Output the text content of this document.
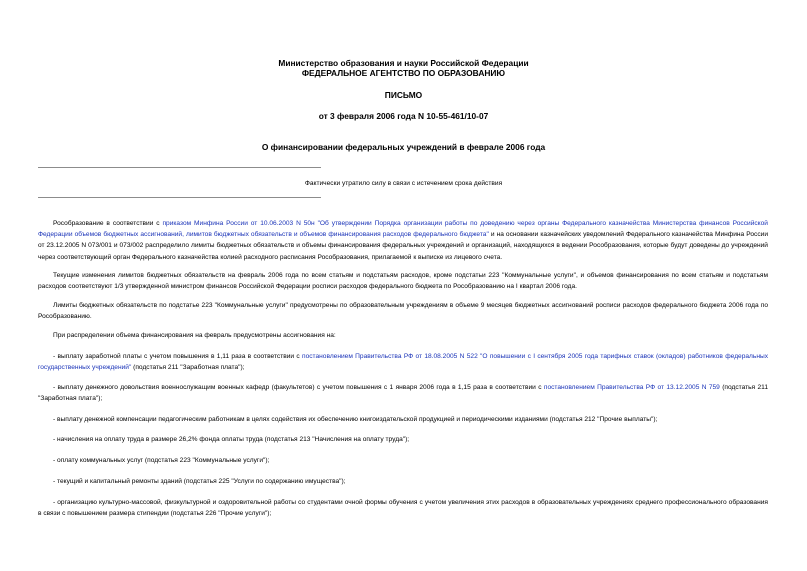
Министерство образования и науки Российской Федерации
ФЕДЕРАЛЬНОЕ АГЕНТСТВО ПО ОБРАЗОВАНИЮ
ПИСЬМО
от 3 февраля 2006 года N 10-55-461/10-07
О финансировании федеральных учреждений в феврале 2006 года
Фактически утратило силу в связи с истечением срока действия

Рособразование в соответствии с приказом Минфина России от 10.06.2003 N 50н "Об утверждении Порядка организации работы по доведению через органы Федерального казначейства Министерства финансов Российской Федерации объемов бюджетных ассигнований, лимитов бюджетных обязательств и объемов финансирования расходов федерального бюджета" и на основании казначейских уведомлений Федерального казначейства Минфина России от 23.12.2005 N 073/001 и 073/002 распределило лимиты бюджетных обязательств и объемы финансирования федеральных учреждений и организаций, находящихся в ведении Рособразования, которые будут доведены до учреждений через соответствующий орган Федерального казначейства колией расходного расписания Рособразования, прилагаемой к выписке из лицевого счета.

Текущие изменения лимитов бюджетных обязательств на февраль 2006 года по всем статьям и подстатьям расходов, кроме подстатьи 223 "Коммунальные услуги", и объемов финансирования по всем статьям и подстатьям расходов соответствуют 1/3 утвержденной министром финансов Российской Федерации росписи расходов федерального бюджета по Рособразованию на I квартал 2006 года.

Лимиты бюджетных обязательств по подстатье 223 "Коммунальные услуги" предусмотрены по образовательным учреждениям в объеме 9 месяцев бюджетных ассигнований росписи расходов федерального бюджета 2006 года по Рособразованию.

При распределении объема финансирования на февраль предусмотрены ассигнования на:

- выплату заработной платы с учетом повышения в 1,11 раза в соответствии с постановлением Правительства РФ от 18.08.2005 N 522 "О повышении с I сентября 2005 года тарифных ставок (окладов) работников федеральных государственных учреждений" (подстатья 211 "Заработная плата");

- выплату денежного довольствия военнослужащим военных кафедр (факультетов) с учетом повышения с 1 января 2006 года в 1,15 раза в соответствии с постановлением Правительства РФ от 13.12.2005 N 759 (подстатья 211 "Заработная плата");

- выплату денежной компенсации педагогическим работникам в целях содействия их обеспечению книгоиздательской продукцией и периодическими изданиями (подстатья 212 "Прочие выплаты");

- начисления на оплату труда в размере 26,2% фонда оплаты труда (подстатья 213 "Начисления на оплату труда");

- оплату коммунальных услуг (подстатья 223 "Коммунальные услуги");

- текущий и капитальный ремонты зданий (подстатья 225 "Услуги по содержанию имущества");

- организацию культурно-массовой, физкультурной и оздоровительной работы со студентами очной формы обучения с учетом увеличения этих расходов в образовательных учреждениях среднего профессионального образования в связи с повышением размера стипендии (подстатья 226 "Прочие услуги");
